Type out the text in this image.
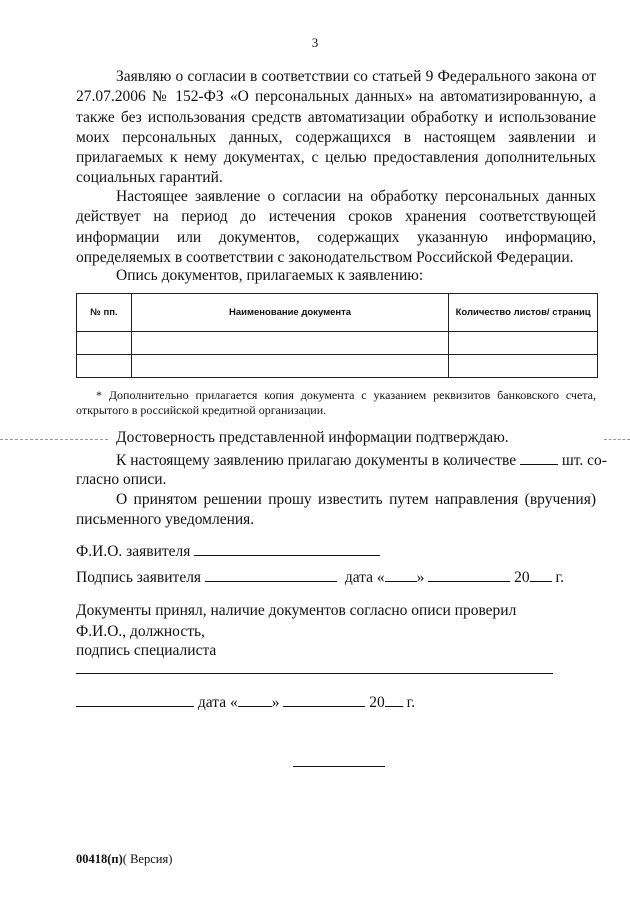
3
Заявляю о согласии в соответствии со статьей 9 Федерального закона от 27.07.2006 № 152-ФЗ «О персональных данных» на автоматизированную, а также без использования средств автоматизации обработку и использование моих персональных данных, содержащихся в настоящем заявлении и прилагаемых к нему документах, с целью предоставления дополнительных социальных гарантий.
Настоящее заявление о согласии на обработку персональных данных действует на период до истечения сроков хранения соответствующей информации или документов, содержащих указанную информацию, определяемых в соответствии с законодательством Российской Федерации.
Опись документов, прилагаемых к заявлению:
№ пп.	Наименование документа	Количество листов/ страниц

* Дополнительно прилагается копия документа с указанием реквизитов банковского счета, открытого в российской кредитной организации.
Достоверность представленной информации подтверждаю.
К настоящему заявлению прилагаю документы в количестве	шт. со-
гласно описи.
О принятом решении прошу известить путем направления (вручения) письменного уведомления.
Ф.И.О. заявителя
Подпись заявителя	дата « »	20 г.
Документы принял, наличие документов согласно описи проверил
Ф.И.О., должность,
подпись специалиста
дата « »	20 г.
00418(п)( Версия)
